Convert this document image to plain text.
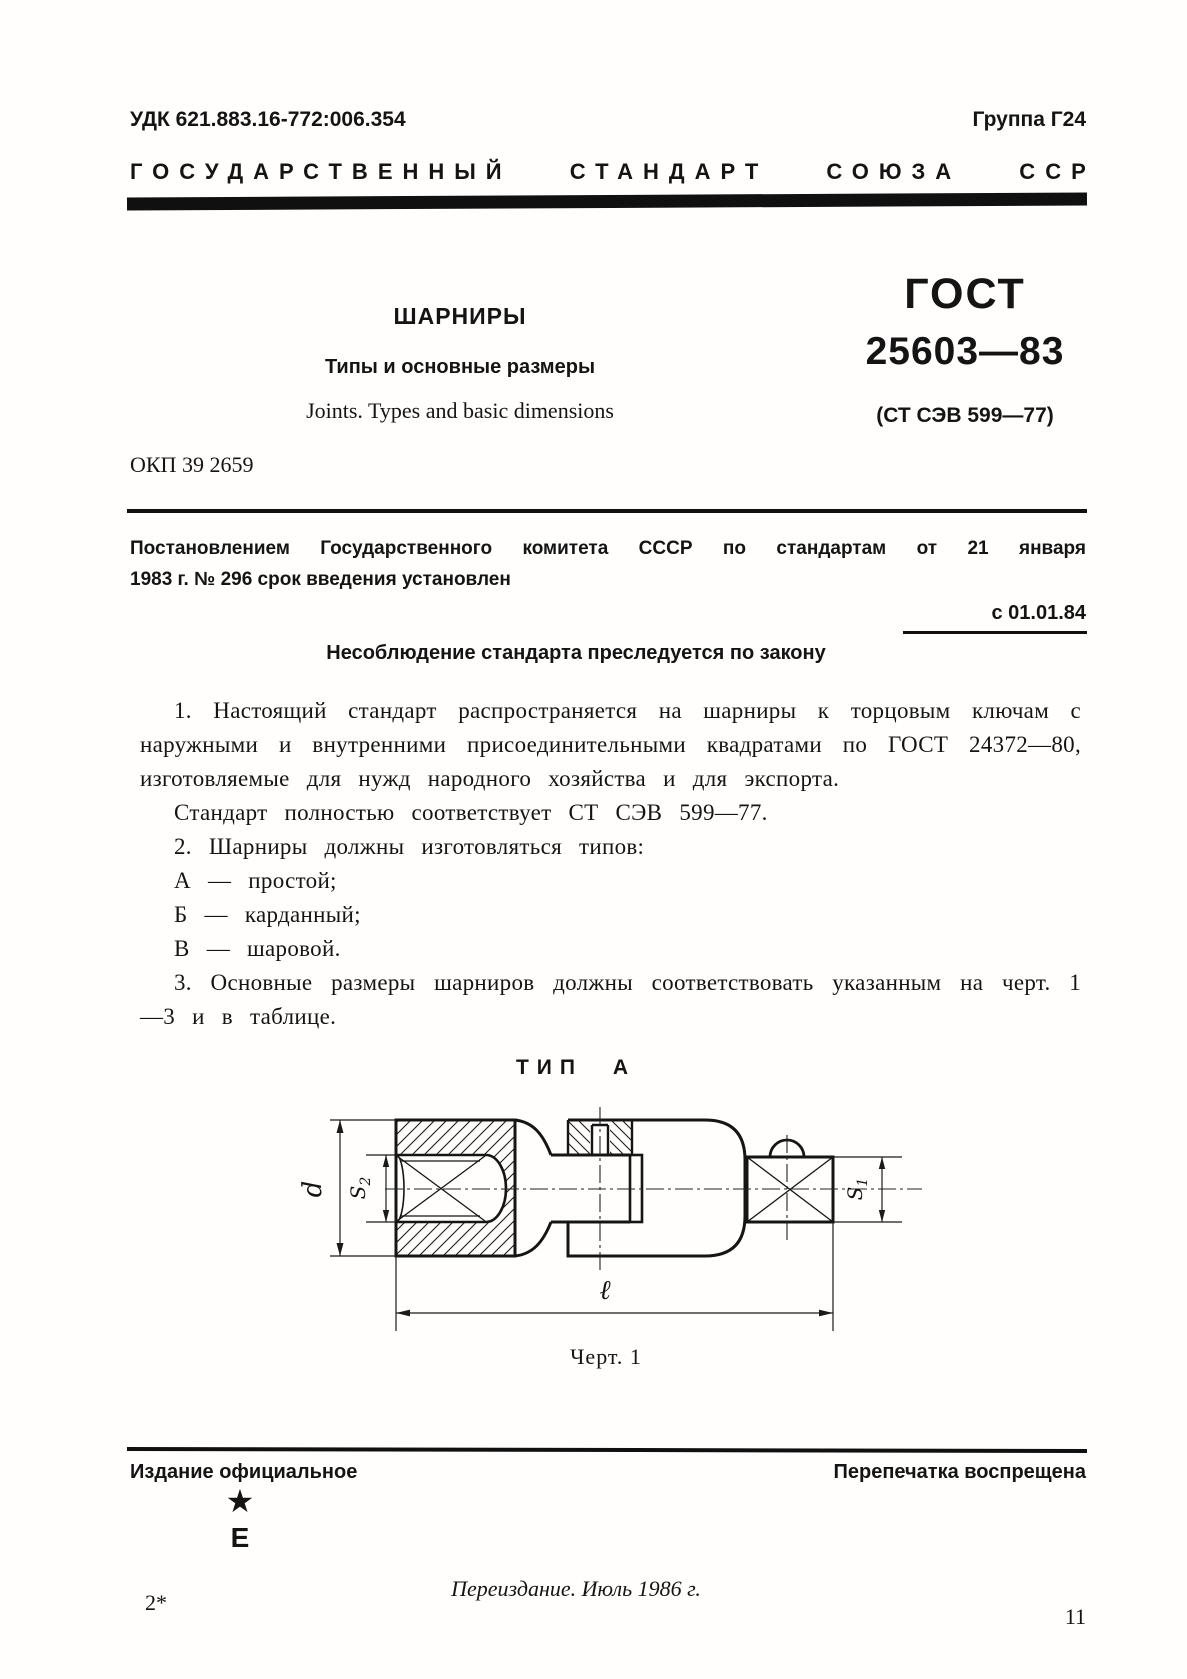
УДК 621.883.16-772:006.354	Группа Г24
ГОСУДАРСТВЕННЫЙ СТАНДАРТ СОЮЗА ССР
ШАРНИРЫ
Типы и основные размеры
Joints. Types and basic dimensions
ГОСТ
25603—83
(СТ СЭВ 599—77)
ОКП 39 2659
Постановлением Государственного комитета СССР по стандартам от 21 января
1983 г. № 296 срок введения установлен
с 01.01.84
Несоблюдение стандарта преследуется по закону

1. Настоящий стандарт распространяется на шарниры к торцовым ключам с наружными и внутренними присоединительными квадратами по ГОСТ 24372—80, изготовляемые для нужд народного хозяйства и для экспорта.

Стандарт полностью соответствует СТ СЭВ 599—77.

2. Шарниры должны изготовляться типов:

А — простой;

Б — карданный;

В — шаровой.

3. Основные размеры шарниров должны соответствовать указанным на черт. 1—3 и в таблице.

ТИП А
d $S_2$
$S_1$
ℓ
Черт. 1
Издание официальное	Перепечатка воспрещена
★
Е
Переиздание. Июль 1986 г.
2*
11
